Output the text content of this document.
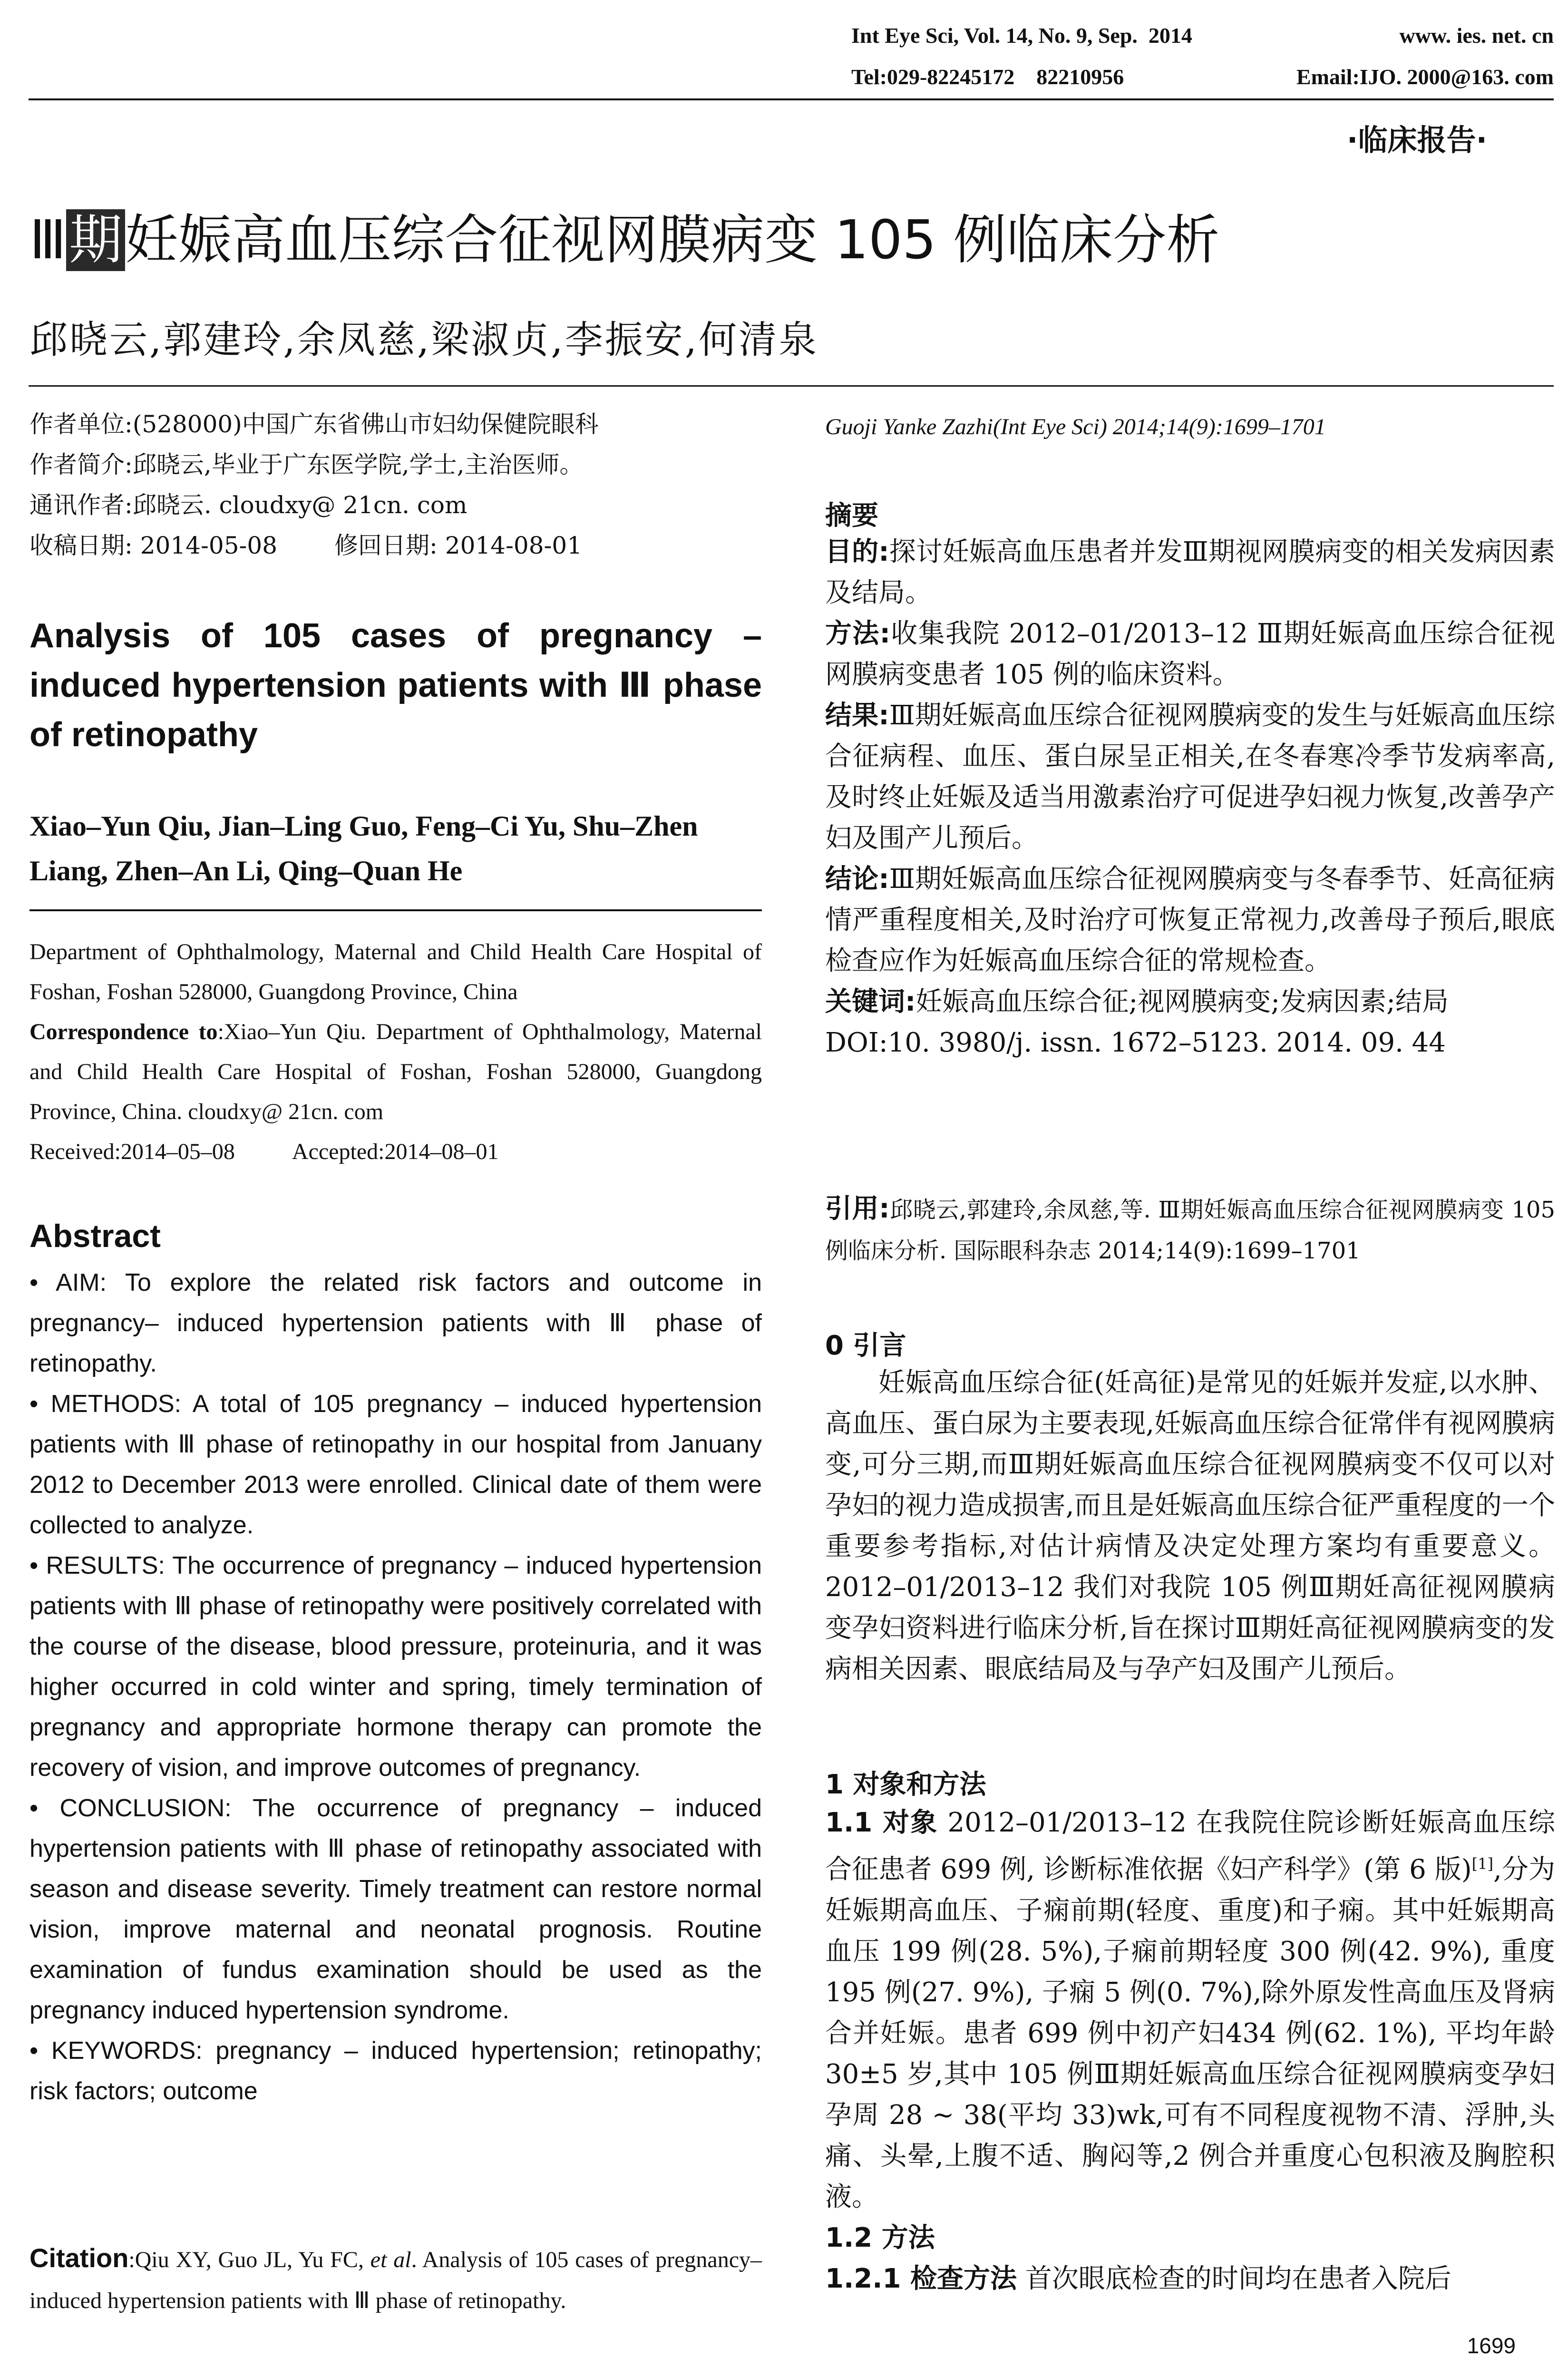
Int Eye Sci, Vol. 14, No. 9, Sep.  2014	www. ies. net. cn
Tel:029-82245172    82210956	Email:IJO. 2000@163. com
·临床报告·
Ⅲ期妊娠高血压综合征视网膜病变 105 例临床分析
邱晓云,郭建玲,余凤慈,梁淑贞,李振安,何清泉
作者单位:(528000)中国广东省佛山市妇幼保健院眼科
作者简介:邱晓云,毕业于广东医学院,学士,主治医师。
通讯作者:邱晓云. cloudxy@ 21cn. com
收稿日期: 2014-05-08 修回日期: 2014-08-01
Analysis of 105 cases of pregnancy – induced hypertension patients with Ⅲ phase of retinopathy
Xiao–Yun Qiu, Jian–Ling Guo, Feng–Ci Yu, Shu–Zhen Liang, Zhen–An Li, Qing–Quan He
Department of Ophthalmology, Maternal and Child Health Care Hospital of Foshan, Foshan 528000, Guangdong Province, China
Correspondence to:Xiao–Yun Qiu. Department of Ophthalmology, Maternal and Child Health Care Hospital of Foshan, Foshan 528000, Guangdong Province, China. cloudxy@ 21cn. com
Received:2014–05–08	Accepted:2014–08–01
Abstract

• AIM: To explore the related risk factors and outcome in pregnancy– induced hypertension patients with Ⅲ phase of retinopathy.

• METHODS: A total of 105 pregnancy – induced hypertension patients with Ⅲ phase of retinopathy in our hospital from Januany 2012 to December 2013 were enrolled. Clinical date of them were collected to analyze.

• RESULTS: The occurrence of pregnancy – induced hypertension patients with Ⅲ phase of retinopathy were positively correlated with the course of the disease, blood pressure, proteinuria, and it was higher occurred in cold winter and spring, timely termination of pregnancy and appropriate hormone therapy can promote the recovery of vision, and improve outcomes of pregnancy.

• CONCLUSION: The occurrence of pregnancy – induced hypertension patients with Ⅲ phase of retinopathy associated with season and disease severity. Timely treatment can restore normal vision, improve maternal and neonatal prognosis. Routine examination of fundus examination should be used as the pregnancy induced hypertension syndrome.

• KEYWORDS: pregnancy – induced hypertension; retinopathy; risk factors; outcome

Citation:Qiu XY, Guo JL, Yu FC, et al. Analysis of 105 cases of pregnancy–induced hypertension patients with Ⅲ phase of retinopathy.
Guoji Yanke Zazhi(Int Eye Sci) 2014;14(9):1699–1701
摘要

目的:探讨妊娠高血压患者并发Ⅲ期视网膜病变的相关发病因素及结局。

方法:收集我院 2012–01/2013–12 Ⅲ期妊娠高血压综合征视网膜病变患者 105 例的临床资料。

结果:Ⅲ期妊娠高血压综合征视网膜病变的发生与妊娠高血压综合征病程、血压、蛋白尿呈正相关,在冬春寒冷季节发病率高,及时终止妊娠及适当用激素治疗可促进孕妇视力恢复,改善孕产妇及围产儿预后。

结论:Ⅲ期妊娠高血压综合征视网膜病变与冬春季节、妊高征病情严重程度相关,及时治疗可恢复正常视力,改善母子预后,眼底检查应作为妊娠高血压综合征的常规检查。

关键词:妊娠高血压综合征;视网膜病变;发病因素;结局

DOI:10. 3980/j. issn. 1672–5123. 2014. 09. 44

引用:邱晓云,郭建玲,余凤慈,等. Ⅲ期妊娠高血压综合征视网膜病变 105 例临床分析. 国际眼科杂志 2014;14(9):1699–1701
0 引言

妊娠高血压综合征(妊高征)是常见的妊娠并发症,以水肿、高血压、蛋白尿为主要表现,妊娠高血压综合征常伴有视网膜病变,可分三期,而Ⅲ期妊娠高血压综合征视网膜病变不仅可以对孕妇的视力造成损害,而且是妊娠高血压综合征严重程度的一个重要参考指标,对估计病情及决定处理方案均有重要意义。2012–01/2013–12 我们对我院 105 例Ⅲ期妊高征视网膜病变孕妇资料进行临床分析,旨在探讨Ⅲ期妊高征视网膜病变的发病相关因素、眼底结局及与孕产妇及围产儿预后。

1 对象和方法

1.1 对象 2012–01/2013–12 在我院住院诊断妊娠高血压综合征患者 699 例, 诊断标准依据《妇产科学》(第 6 版)[1],分为妊娠期高血压、子痫前期(轻度、重度)和子痫。其中妊娠期高血压 199 例(28. 5%),子痫前期轻度 300 例(42. 9%), 重度 195 例(27. 9%), 子痫 5 例(0. 7%),除外原发性高血压及肾病合并妊娠。患者 699 例中初产妇434 例(62. 1%), 平均年龄 30±5 岁,其中 105 例Ⅲ期妊娠高血压综合征视网膜病变孕妇孕周 28 ~ 38(平均 33)wk,可有不同程度视物不清、浮肿,头痛、头晕,上腹不适、胸闷等,2 例合并重度心包积液及胸腔积液。

1.2 方法

1.2.1 检查方法 首次眼底检查的时间均在患者入院后

1699
